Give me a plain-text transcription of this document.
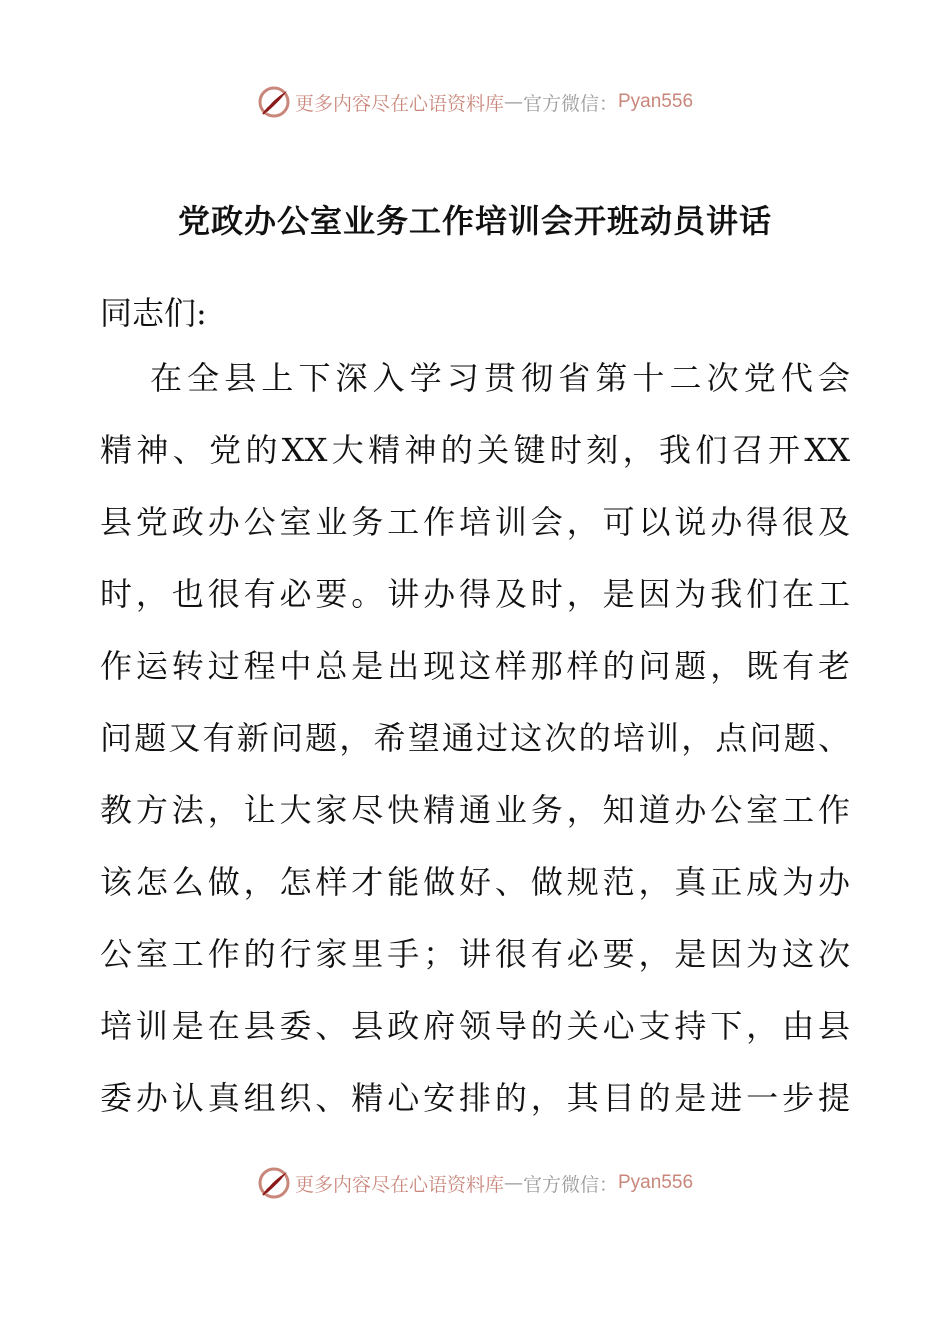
更多内容尽在心语资料库 — 官方微信： Pyan556
党政办公室业务工作培训会开班动员讲话
同志们:
在全县上下深入学习贯彻省第十二次党代会
精神、党的XX大精神的关键时刻，我们召开XX
县党政办公室业务工作培训会，可以说办得很及
时，也很有必要。讲办得及时，是因为我们在工
作运转过程中总是出现这样那样的问题，既有老
问题又有新问题，希望通过这次的培训，点问题、
教方法，让大家尽快精通业务，知道办公室工作
该怎么做，怎样才能做好、做规范，真正成为办
公室工作的行家里手；讲很有必要，是因为这次
培训是在县委、县政府领导的关心支持下，由县
委办认真组织、精心安排的，其目的是进一步提
更多内容尽在心语资料库 — 官方微信： Pyan556
